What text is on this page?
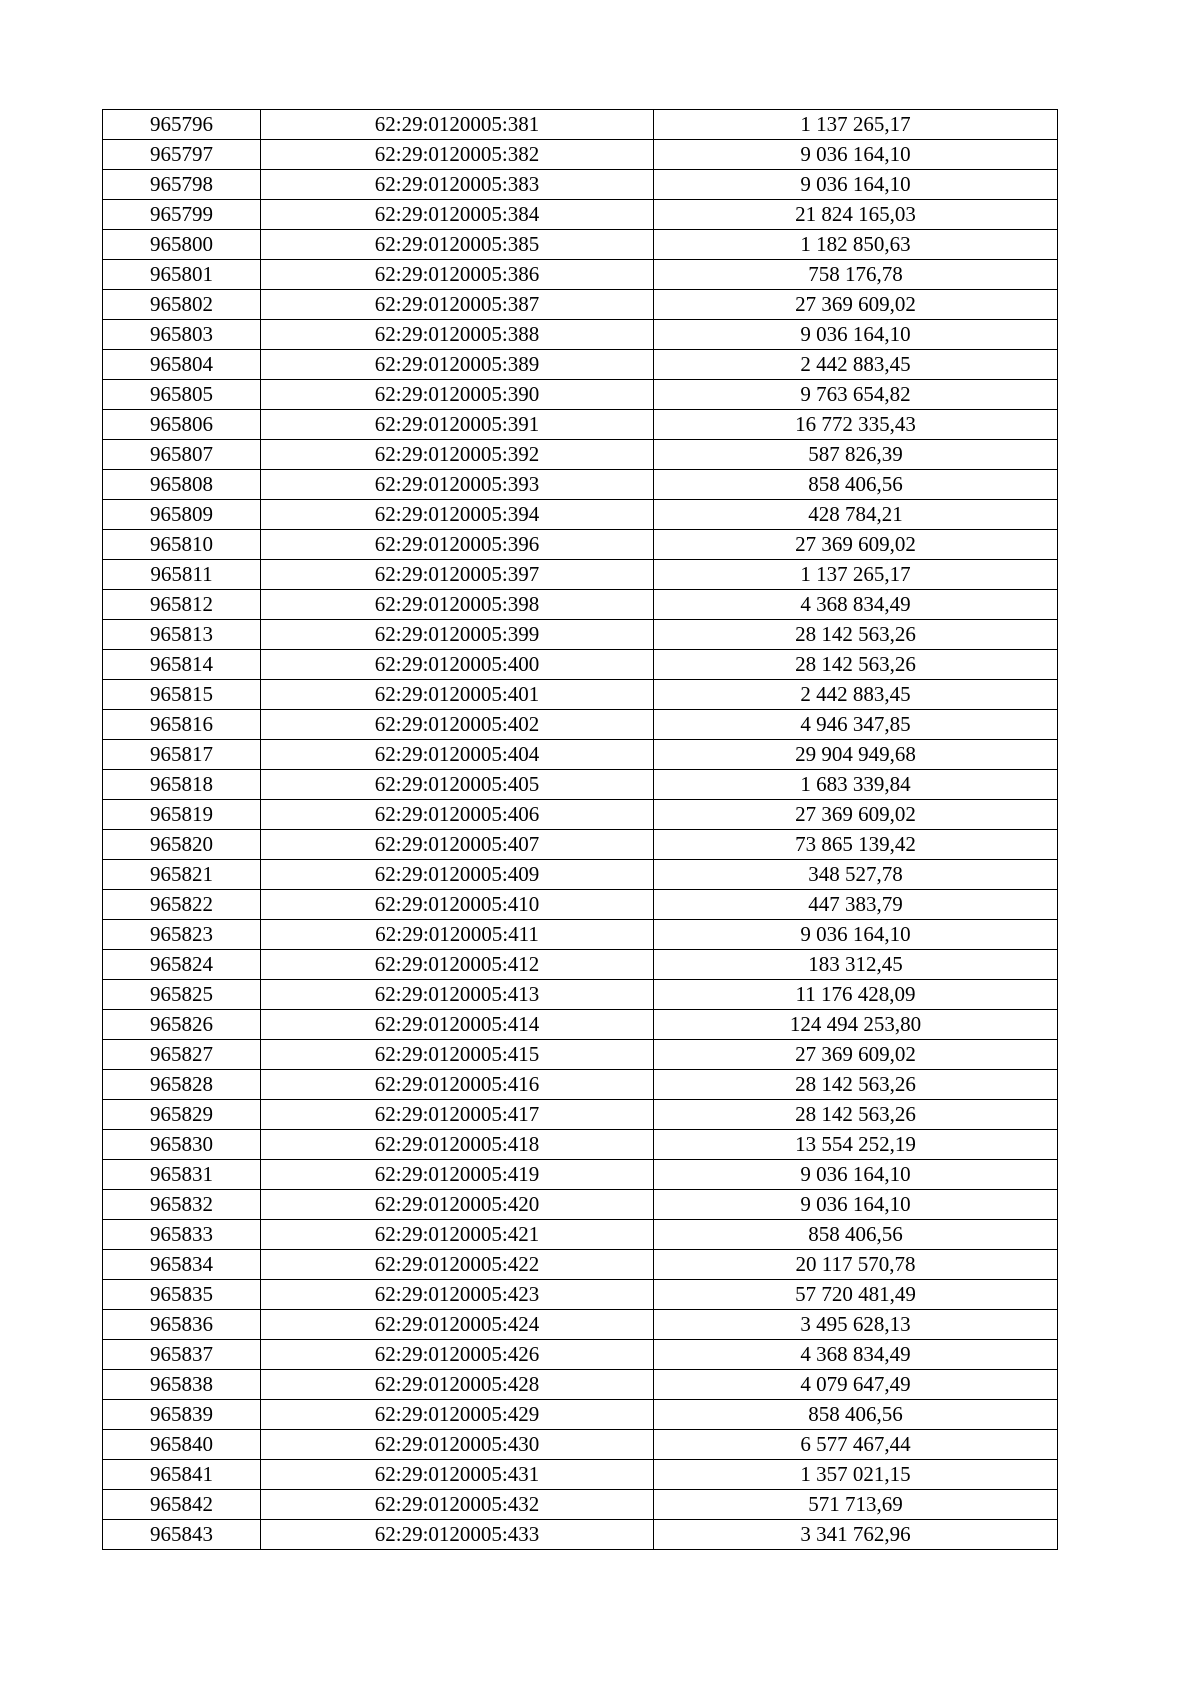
965796	62:29:0120005:381	1 137 265,17
965797	62:29:0120005:382	9 036 164,10
965798	62:29:0120005:383	9 036 164,10
965799	62:29:0120005:384	21 824 165,03
965800	62:29:0120005:385	1 182 850,63
965801	62:29:0120005:386	758 176,78
965802	62:29:0120005:387	27 369 609,02
965803	62:29:0120005:388	9 036 164,10
965804	62:29:0120005:389	2 442 883,45
965805	62:29:0120005:390	9 763 654,82
965806	62:29:0120005:391	16 772 335,43
965807	62:29:0120005:392	587 826,39
965808	62:29:0120005:393	858 406,56
965809	62:29:0120005:394	428 784,21
965810	62:29:0120005:396	27 369 609,02
965811	62:29:0120005:397	1 137 265,17
965812	62:29:0120005:398	4 368 834,49
965813	62:29:0120005:399	28 142 563,26
965814	62:29:0120005:400	28 142 563,26
965815	62:29:0120005:401	2 442 883,45
965816	62:29:0120005:402	4 946 347,85
965817	62:29:0120005:404	29 904 949,68
965818	62:29:0120005:405	1 683 339,84
965819	62:29:0120005:406	27 369 609,02
965820	62:29:0120005:407	73 865 139,42
965821	62:29:0120005:409	348 527,78
965822	62:29:0120005:410	447 383,79
965823	62:29:0120005:411	9 036 164,10
965824	62:29:0120005:412	183 312,45
965825	62:29:0120005:413	11 176 428,09
965826	62:29:0120005:414	124 494 253,80
965827	62:29:0120005:415	27 369 609,02
965828	62:29:0120005:416	28 142 563,26
965829	62:29:0120005:417	28 142 563,26
965830	62:29:0120005:418	13 554 252,19
965831	62:29:0120005:419	9 036 164,10
965832	62:29:0120005:420	9 036 164,10
965833	62:29:0120005:421	858 406,56
965834	62:29:0120005:422	20 117 570,78
965835	62:29:0120005:423	57 720 481,49
965836	62:29:0120005:424	3 495 628,13
965837	62:29:0120005:426	4 368 834,49
965838	62:29:0120005:428	4 079 647,49
965839	62:29:0120005:429	858 406,56
965840	62:29:0120005:430	6 577 467,44
965841	62:29:0120005:431	1 357 021,15
965842	62:29:0120005:432	571 713,69
965843	62:29:0120005:433	3 341 762,96
